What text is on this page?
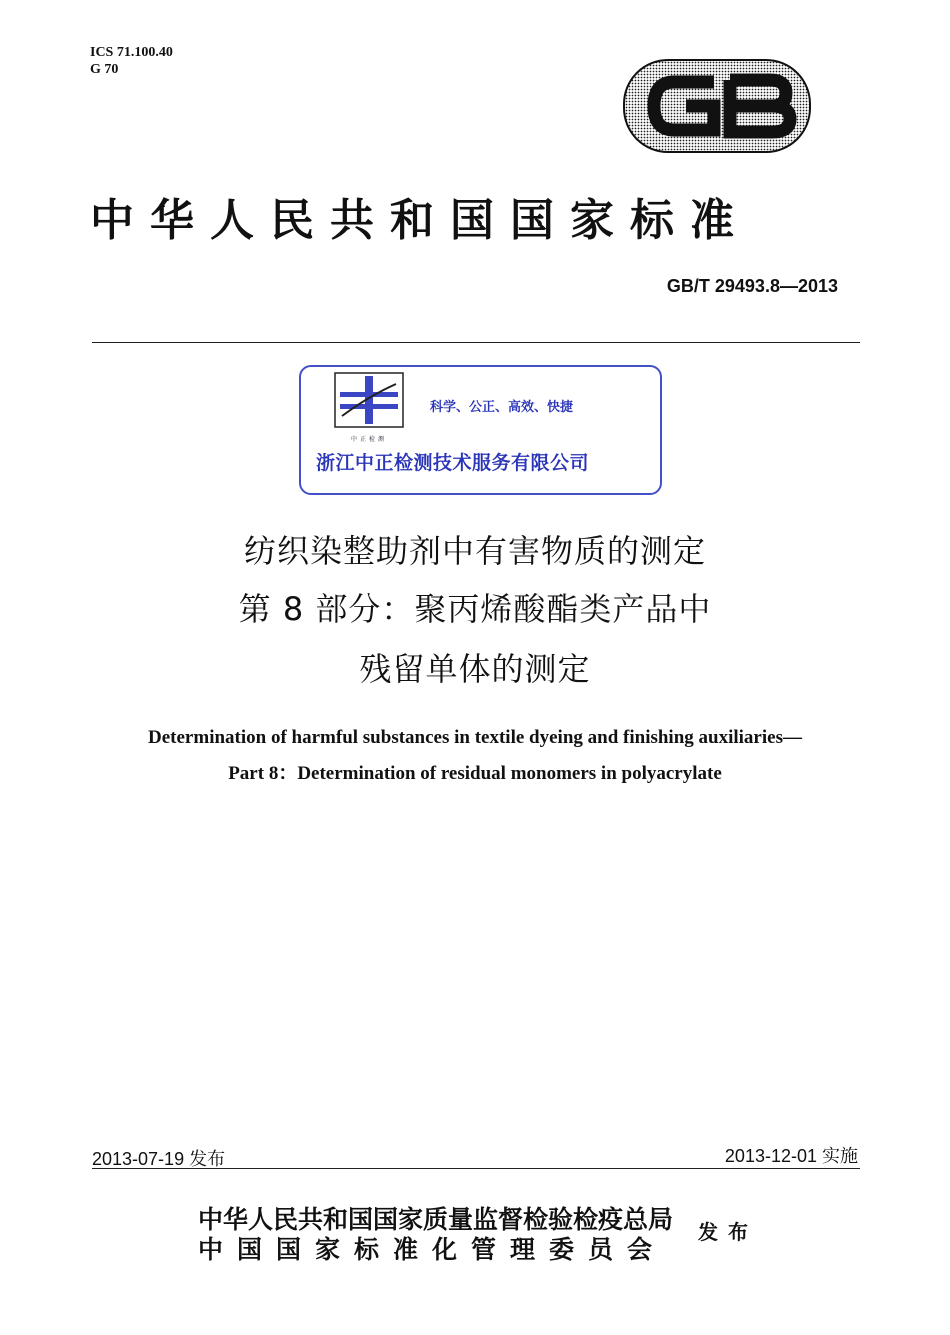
ICS 71.100.40
G 70
中华人民共和国国家标准
GB/T 29493.8—2013
中正检测
科学、公正、高效、快捷
浙江中正检测技术服务有限公司
纺织染整助剂中有害物质的测定
第 8 部分：聚丙烯酸酯类产品中
残留单体的测定
Determination of harmful substances in textile dyeing and finishing auxiliaries—
Part 8：Determination of residual monomers in polyacrylate
2013-07-19 发布	2013-12-01 实施
中华人民共和国国家质量监督检验检疫总局
中国国家标准化管理委员会
发布
